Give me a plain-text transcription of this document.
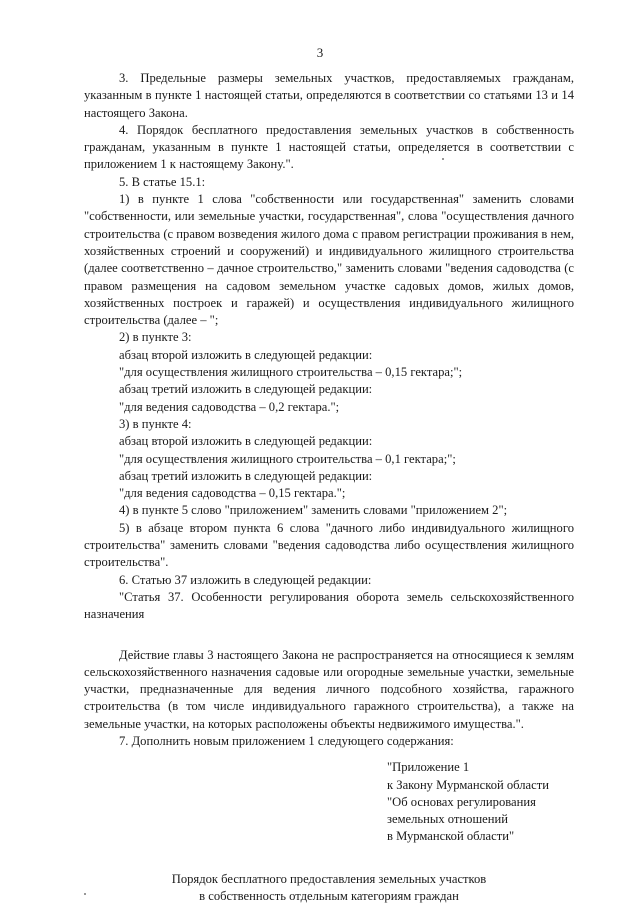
3

3. Предельные размеры земельных участков, предоставляемых гражданам, указанным в пункте 1 настоящей статьи, определяются в соответствии со статьями 13 и 14 настоящего Закона.

4. Порядок бесплатного предоставления земельных участков в собственность гражданам, указанным в пункте 1 настоящей статьи, определяется в соответствии с приложением 1 к настоящему Закону.".

5. В статье 15.1:

1) в пункте 1 слова "собственности или государственная" заменить словами "собственности, или земельные участки, государственная", слова "осуществления дачного строительства (с правом возведения жилого дома с правом регистрации проживания в нем, хозяйственных строений и сооружений) и индивидуального жилищного строительства (далее соответственно – дачное строительство," заменить словами "ведения садоводства (с правом размещения на садовом земельном участке садовых домов, жилых домов, хозяйственных построек и гаражей) и осуществления индивидуального жилищного строительства (далее – ";

2) в пункте 3:

абзац второй изложить в следующей редакции:

"для осуществления жилищного строительства – 0,15 гектара;";

абзац третий изложить в следующей редакции:

"для ведения садоводства – 0,2 гектара.";

3) в пункте 4:

абзац второй изложить в следующей редакции:

"для осуществления жилищного строительства – 0,1 гектара;";

абзац третий изложить в следующей редакции:

"для ведения садоводства – 0,15 гектара.";

4) в пункте 5 слово "приложением" заменить словами "приложением 2";

5) в абзаце втором пункта 6 слова "дачного либо индивидуального жилищного строительства" заменить словами "ведения садоводства либо осуществления жилищного строительства".

6. Статью 37 изложить в следующей редакции:

"Статья 37. Особенности регулирования оборота земель сельскохозяйственного назначения

Действие главы 3 настоящего Закона не распространяется на относящиеся к землям сельскохозяйственного назначения садовые или огородные земельные участки, земельные участки, предназначенные для ведения личного подсобного хозяйства, гаражного строительства (в том числе индивидуального гаражного строительства), а также на земельные участки, на которых расположены объекты недвижимого имущества.".

7. Дополнить новым приложением 1 следующего содержания:

"Приложение 1
к Закону Мурманской области
"Об основах регулирования
земельных отношений
в Мурманской области"
Порядок бесплатного предоставления земельных участков
в собственность отдельным категориям граждан
